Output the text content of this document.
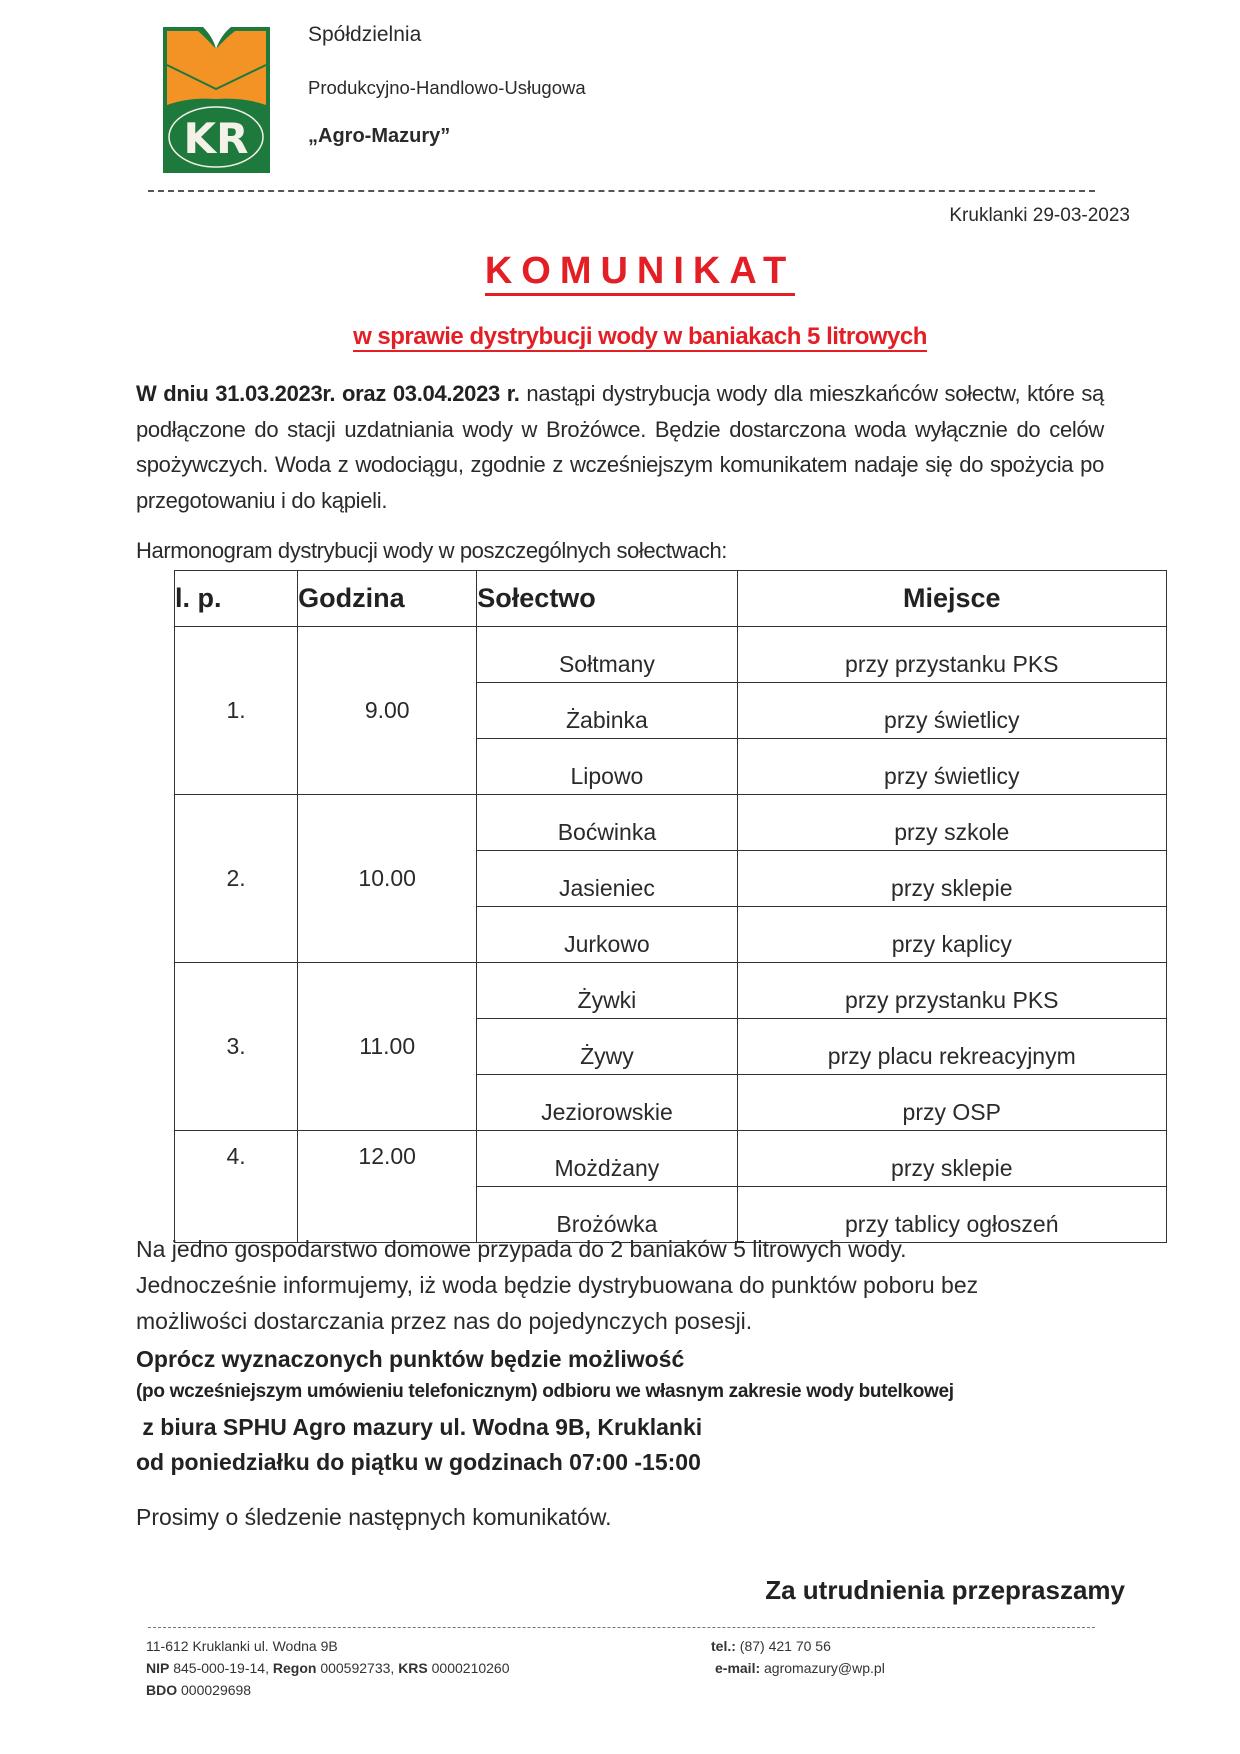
KR
Spółdzielnia
Produkcyjno-Handlowo-Usługowa
„Agro-Mazury”
Kruklanki 29-03-2023
KOMUNIKAT
w sprawie dystrybucji wody w baniakach 5 litrowych
W dniu 31.03.2023r. oraz 03.04.2023 r. nastąpi dystrybucja wody dla mieszkańców sołectw, które są podłączone do stacji uzdatniania wody w Brożówce. Będzie dostarczona woda wyłącznie do celów spożywczych. Woda z wodociągu, zgodnie z wcześniejszym komunikatem nadaje się do spożycia po przegotowaniu i do kąpieli.
Harmonogram dystrybucji wody w poszczególnych sołectwach:
l. p.	Godzina	Sołectwo	Miejsce
1.	9.00	Sołtmany	przy przystanku PKS
		Żabinka	przy świetlicy
		Lipowo	przy świetlicy
2.	10.00	Boćwinka	przy szkole
		Jasieniec	przy sklepie
		Jurkowo	przy kaplicy
3.	11.00	Żywki	przy przystanku PKS
		Żywy	przy placu rekreacyjnym
		Jeziorowskie	przy OSP
4.	12.00	Możdżany	przy sklepie
		Brożówka	przy tablicy ogłoszeń
Na jedno gospodarstwo domowe przypada do 2 baniaków 5 litrowych wody.
Jednocześnie informujemy, iż woda będzie dystrybuowana do punktów poboru bez
możliwości dostarczania przez nas do pojedynczych posesji.
Oprócz wyznaczonych punktów będzie możliwość
(po wcześniejszym umówieniu telefonicznym) odbioru we własnym zakresie wody butelkowej
z biura SPHU Agro mazury ul. Wodna 9B, Kruklanki
od poniedziałku do piątku w godzinach 07:00 -15:00
Prosimy o śledzenie następnych komunikatów.
Za utrudnienia przepraszamy
11-612 Kruklanki ul. Wodna 9B
NIP 845-000-19-14, Regon 000592733, KRS 0000210260
BDO 000029698
tel.: (87) 421 70 56
e-mail: agromazury@wp.pl
